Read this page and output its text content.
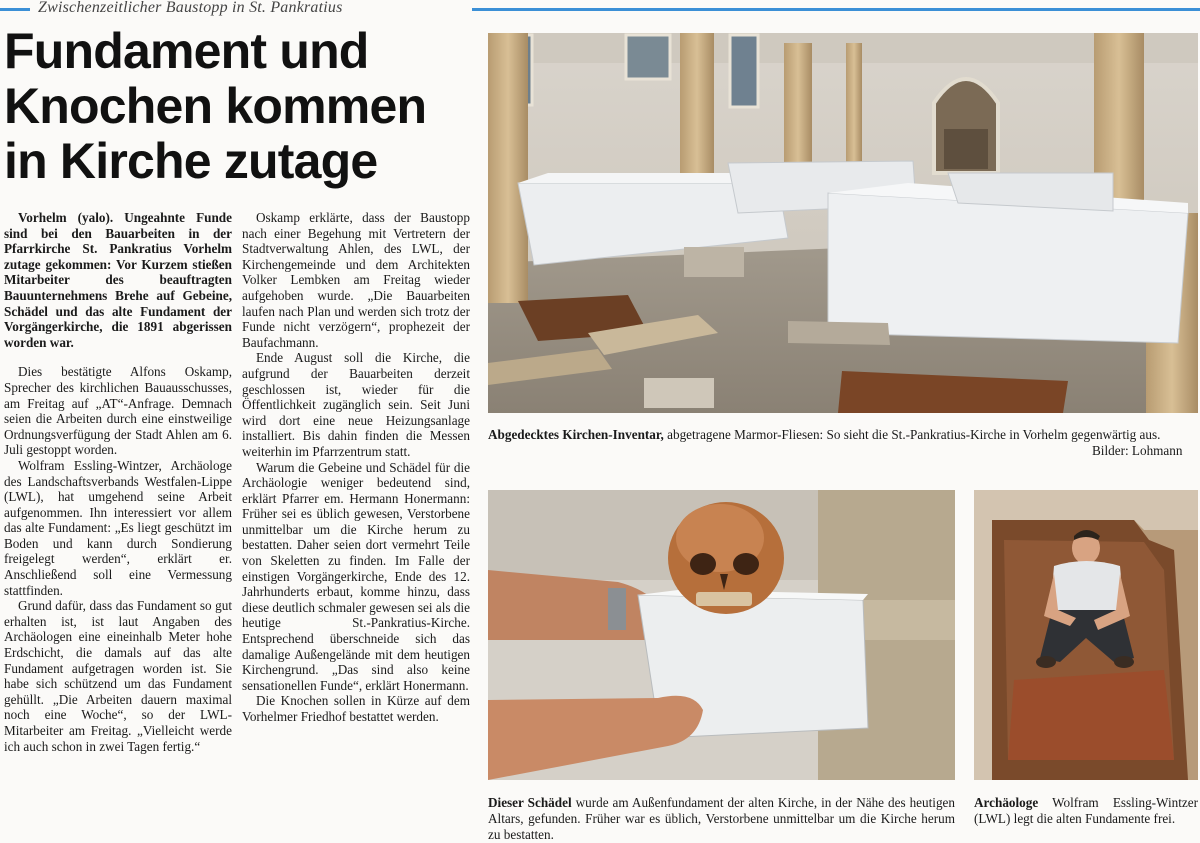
Zwischenzeitlicher Baustopp in St. Pankratius
Fundament und
Knochen kommen
in Kirche zutage

Vorhelm (yalo). Ungeahnte Funde sind bei den Bauarbeiten in der Pfarrkirche St. Pankratius Vorhelm zutage gekommen: Vor Kurzem stießen Mitarbeiter des beauftragten Bauunternehmens Brehe auf Gebeine, Schädel und das alte Fundament der Vorgängerkirche, die 1891 abgerissen worden war.

Dies bestätigte Alfons Oskamp, Sprecher des kirchlichen Bauausschusses, am Freitag auf „AT“-Anfrage. Demnach seien die Arbeiten durch eine einstweilige Ordnungsverfügung der Stadt Ahlen am 6. Juli gestoppt worden.

Wolfram Essling-Wintzer, Archäologe des Landschaftsverbands Westfalen-Lippe (LWL), hat umgehend seine Arbeit aufgenommen. Ihn interessiert vor allem das alte Fundament: „Es liegt geschützt im Boden und kann durch Sondierung freigelegt werden“, erklärt er. Anschließend soll eine Vermessung stattfinden.

Grund dafür, dass das Fundament so gut erhalten ist, ist laut Angaben des Archäologen eine eineinhalb Meter hohe Erdschicht, die damals auf das alte Fundament aufgetragen worden ist. Sie habe sich schützend um das Fundament gehüllt. „Die Arbeiten dauern maximal noch eine Woche“, so der LWL-Mitarbeiter am Freitag. „Vielleicht werde ich auch schon in zwei Tagen fertig.“

Oskamp erklärte, dass der Baustopp nach einer Begehung mit Vertretern der Stadtverwaltung Ahlen, des LWL, der Kirchengemeinde und dem Architekten Volker Lembken am Freitag wieder aufgehoben wurde. „Die Bauarbeiten laufen nach Plan und werden sich trotz der Funde nicht verzögern“, prophezeit der Baufachmann.

Ende August soll die Kirche, die aufgrund der Bauarbeiten derzeit geschlossen ist, wieder für die Öffentlichkeit zugänglich sein. Seit Juni wird dort eine neue Heizungsanlage installiert. Bis dahin finden die Messen weiterhin im Pfarrzentrum statt.

Warum die Gebeine und Schädel für die Archäologie weniger bedeutend sind, erklärt Pfarrer em. Hermann Honermann: Früher sei es üblich gewesen, Verstorbene unmittelbar um die Kirche herum zu bestatten. Daher seien dort vermehrt Teile von Skeletten zu finden. Im Falle der einstigen Vorgängerkirche, Ende des 12. Jahrhunderts erbaut, komme hinzu, dass diese deutlich schmaler gewesen sei als die heutige St.-Pankratius-Kirche. Entsprechend überschneide sich das damalige Außengelände mit dem heutigen Kirchengrund. „Das sind also keine sensationellen Funde“, erklärt Honermann.

Die Knochen sollen in Kürze auf dem Vorhelmer Friedhof bestattet werden.

Abgedecktes Kirchen-Inventar, abgetragene Marmor-Fliesen: So sieht die St.-Pankratius-Kirche in Vorhelm gegenwärtig aus.
Bilder: Lohmann
Dieser Schädel wurde am Außenfundament der alten Kirche, in der Nähe des heutigen Altars, gefunden. Früher war es üblich, Verstorbene unmittelbar um die Kirche herum zu bestatten.
Archäologe Wolfram Essling-Wintzer (LWL) legt die alten Fundamente frei.
